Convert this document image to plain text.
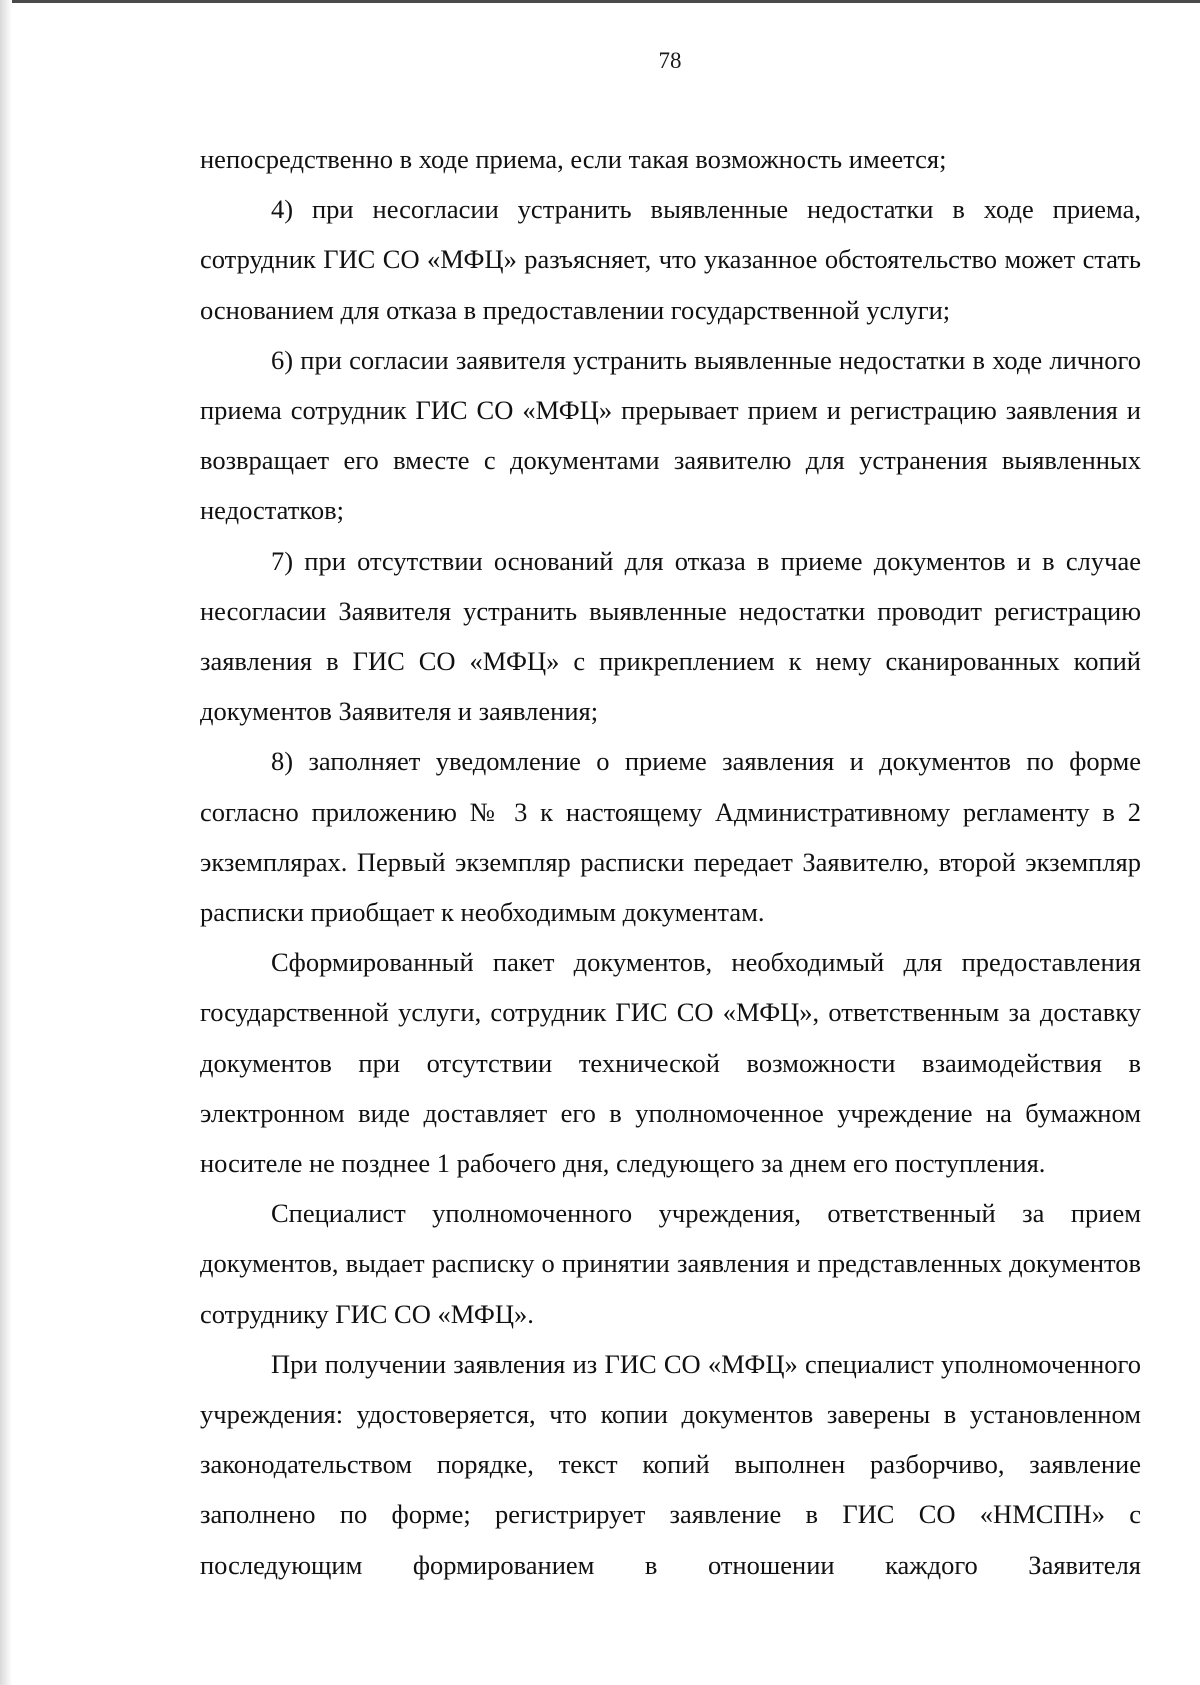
78

непосредственно в ходе приема, если такая возможность имеется;

4) при несогласии устранить выявленные недостатки в ходе приема, сотрудник ГИС СО «МФЦ» разъясняет, что указанное обстоятельство может стать основанием для отказа в предоставлении государственной услуги;

6) при согласии заявителя устранить выявленные недостатки в ходе личного приема сотрудник ГИС СО «МФЦ» прерывает прием и регистрацию заявления и возвращает его вместе с документами заявителю для устранения выявленных недостатков;

7) при отсутствии оснований для отказа в приеме документов и в случае несогласии Заявителя устранить выявленные недостатки проводит регистрацию заявления в ГИС СО «МФЦ» с прикреплением к нему сканированных копий документов Заявителя и заявления;

8) заполняет уведомление о приеме заявления и документов по форме согласно приложению № 3 к настоящему Административному регламенту в 2 экземплярах. Первый экземпляр расписки передает Заявителю, второй экземпляр расписки приобщает к необходимым документам.

Сформированный пакет документов, необходимый для предоставления государственной услуги, сотрудник ГИС СО «МФЦ», ответственным за доставку документов при отсутствии технической возможности взаимодействия в электронном виде доставляет его в уполномоченное учреждение на бумажном носителе не позднее 1 рабочего дня, следующего за днем его поступления.

Специалист уполномоченного учреждения, ответственный за прием документов, выдает расписку о принятии заявления и представленных документов сотруднику ГИС СО «МФЦ».

При получении заявления из ГИС СО «МФЦ» специалист уполномоченного учреждения: удостоверяется, что копии документов заверены в установленном законодательством порядке, текст копий выполнен разборчиво, заявление заполнено по форме; регистрирует заявление в ГИС СО «НМСПН» с последующим формированием в отношении каждого Заявителя
